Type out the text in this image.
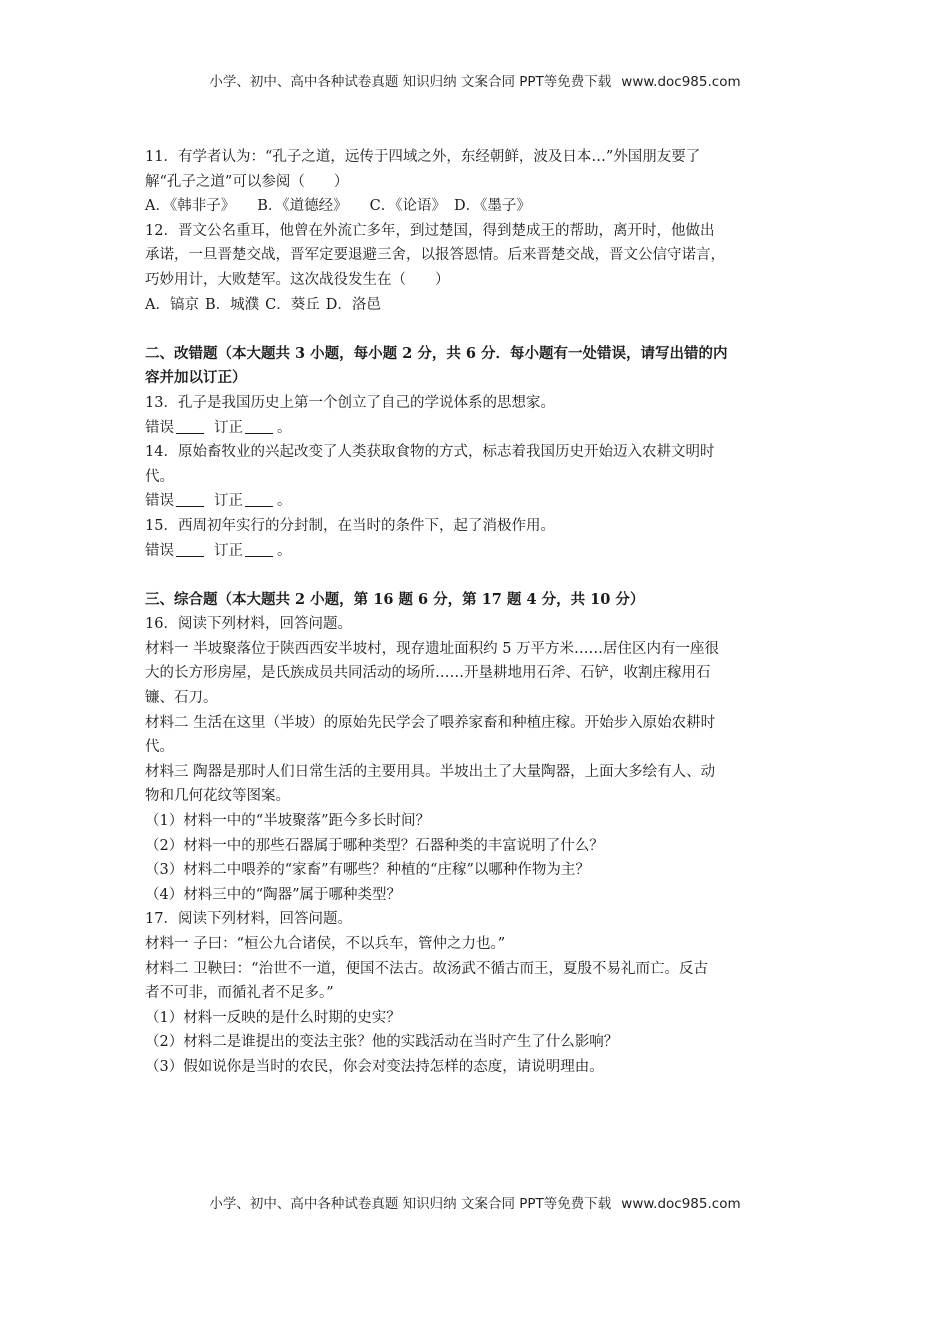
小学、初中、高中各种试卷真题 知识归纳 文案合同 PPT等免费下载 www.doc985.com
11．有学者认为：“孔子之道，远传于四域之外，东经朝鲜，波及日本…”外国朋友要了
解“孔子之道”可以参阅（　　）
A．《韩非子》 B．《道德经》 C．《论语》 D．《墨子》
12．晋文公名重耳，他曾在外流亡多年，到过楚国，得到楚成王的帮助，离开时，他做出
承诺，一旦晋楚交战，晋军定要退避三舍，以报答恩情。后来晋楚交战，晋文公信守诺言，
巧妙用计，大败楚军。这次战役发生在（　　）
A．镐京 B．城濮 C．葵丘 D．洛邑
二、改错题（本大题共 3 小题，每小题 2 分，共 6 分．每小题有一处错误，请写出错的内
容并加以订正）
13．孔子是我国历史上第一个创立了自己的学说体系的思想家。
错误	订正 。
14．原始畜牧业的兴起改变了人类获取食物的方式，标志着我国历史开始迈入农耕文明时
代。
错误	订正 。
15．西周初年实行的分封制，在当时的条件下，起了消极作用。
错误	订正 。
三、综合题（本大题共 2 小题，第 16 题 6 分，第 17 题 4 分，共 10 分）
16．阅读下列材料，回答问题。
材料一 半坡聚落位于陕西西安半坡村，现存遗址面积约 5 万平方米……居住区内有一座很
大的长方形房屋，是氏族成员共同活动的场所……开垦耕地用石斧、石铲，收割庄稼用石
镰、石刀。
材料二 生活在这里（半坡）的原始先民学会了喂养家畜和种植庄稼。开始步入原始农耕时
代。
材料三 陶器是那时人们日常生活的主要用具。半坡出土了大量陶器，上面大多绘有人、动
物和几何花纹等图案。
（1）材料一中的“半坡聚落”距今多长时间？
（2）材料一中的那些石器属于哪种类型？石器种类的丰富说明了什么？
（3）材料二中喂养的“家畜”有哪些？种植的“庄稼”以哪种作物为主？
（4）材料三中的“陶器”属于哪种类型？
17．阅读下列材料，回答问题。
材料一 子曰：“桓公九合诸侯，不以兵车，管仲之力也。”
材料二 卫鞅曰：“治世不一道，便国不法古。故汤武不循古而王，夏殷不易礼而亡。反古
者不可非，而循礼者不足多。”
（1）材料一反映的是什么时期的史实？
（2）材料二是谁提出的变法主张？他的实践活动在当时产生了什么影响？
（3）假如说你是当时的农民，你会对变法持怎样的态度，请说明理由。
小学、初中、高中各种试卷真题 知识归纳 文案合同 PPT等免费下载 www.doc985.com
